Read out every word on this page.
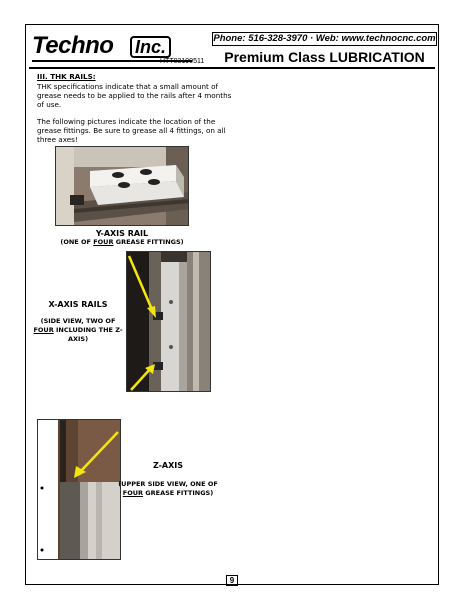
Techno Inc.
HTT03190511
Phone: 516-328-3970 · Web: www.technocnc.com
Premium Class LUBRICATION
III. THK RAILS:
THK specifications indicate that a small amount of grease needs to be applied to the rails after 4 months of use.
The following pictures indicate the location of the grease fittings. Be sure to grease all 4 fittings, on all three axes!
Y-AXIS RAIL
(ONE OF FOUR GREASE FITTINGS)
X-AXIS RAILS
(SIDE VIEW, TWO OF FOUR INCLUDING THE Z-AXIS)
Z-AXIS
(UPPER SIDE VIEW, ONE OF FOUR GREASE FITTINGS)
9
